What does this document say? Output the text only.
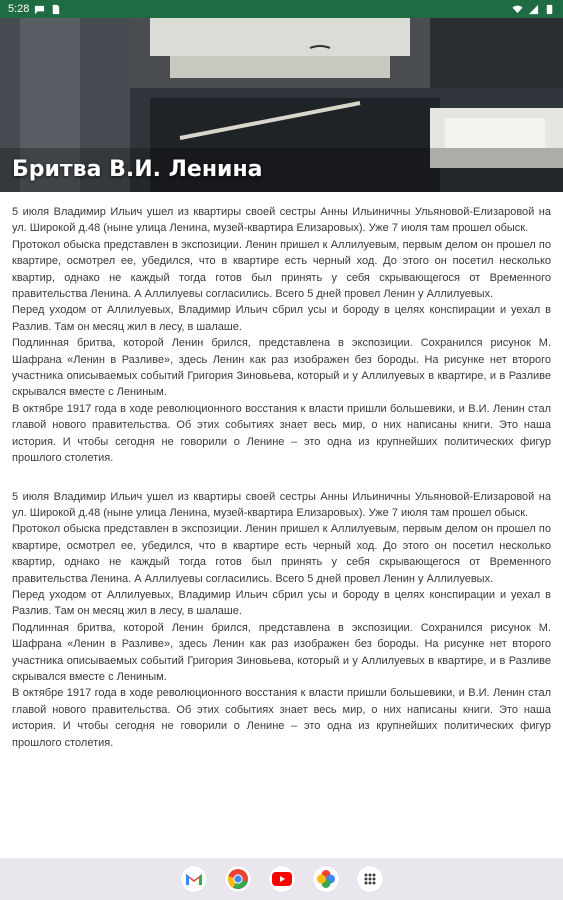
5:28
Бритва В.И. Ленина

5 июля Владимир Ильич ушел из квартиры своей сестры Анны Ильиничны Ульяновой-Елизаровой на ул. Широкой д.48 (ныне улица Ленина, музей-квартира Елизаровых). Уже 7 июля там прошел обыск.

Протокол обыска представлен в экспозиции. Ленин пришел к Аллилуевым, первым делом он прошел по квартире, осмотрел ее, убедился, что в квартире есть черный ход. До этого он посетил несколько квартир, однако не каждый тогда готов был принять у себя скрывающегося от Временного правительства Ленина. А Аллилуевы согласились. Всего 5 дней провел Ленин у Аллилуевых.

Перед уходом от Аллилуевых, Владимир Ильич сбрил усы и бороду в целях конспирации и уехал в Разлив. Там он месяц жил в лесу, в шалаше.

Подлинная бритва, которой Ленин брился, представлена в экспозиции. Сохранился рисунок М. Шафрана «Ленин в Разливе», здесь Ленин как раз изображен без бороды. На рисунке нет второго участника описываемых событий Григория Зиновьева, который и у Аллилуевых в квартире, и в Разливе скрывался вместе с Лениным.

В октябре 1917 года в ходе революционного восстания к власти пришли большевики, и В.И. Ленин стал главой нового правительства. Об этих событиях знает весь мир, о них написаны книги. Это наша история. И чтобы сегодня не говорили о Ленине – это одна из крупнейших политических фигур прошлого столетия.

5 июля Владимир Ильич ушел из квартиры своей сестры Анны Ильиничны Ульяновой-Елизаровой на ул. Широкой д.48 (ныне улица Ленина, музей-квартира Елизаровых). Уже 7 июля там прошел обыск.

Протокол обыска представлен в экспозиции. Ленин пришел к Аллилуевым, первым делом он прошел по квартире, осмотрел ее, убедился, что в квартире есть черный ход. До этого он посетил несколько квартир, однако не каждый тогда готов был принять у себя скрывающегося от Временного правительства Ленина. А Аллилуевы согласились. Всего 5 дней провел Ленин у Аллилуевых.

Перед уходом от Аллилуевых, Владимир Ильич сбрил усы и бороду в целях конспирации и уехал в Разлив. Там он месяц жил в лесу, в шалаше.

Подлинная бритва, которой Ленин брился, представлена в экспозиции. Сохранился рисунок М. Шафрана «Ленин в Разливе», здесь Ленин как раз изображен без бороды. На рисунке нет второго участника описываемых событий Григория Зиновьева, который и у Аллилуевых в квартире, и в Разливе скрывался вместе с Лениным.

В октябре 1917 года в ходе революционного восстания к власти пришли большевики, и В.И. Ленин стал главой нового правительства. Об этих событиях знает весь мир, о них написаны книги. Это наша история. И чтобы сегодня не говорили о Ленине – это одна из крупнейших политических фигур прошлого столетия.
